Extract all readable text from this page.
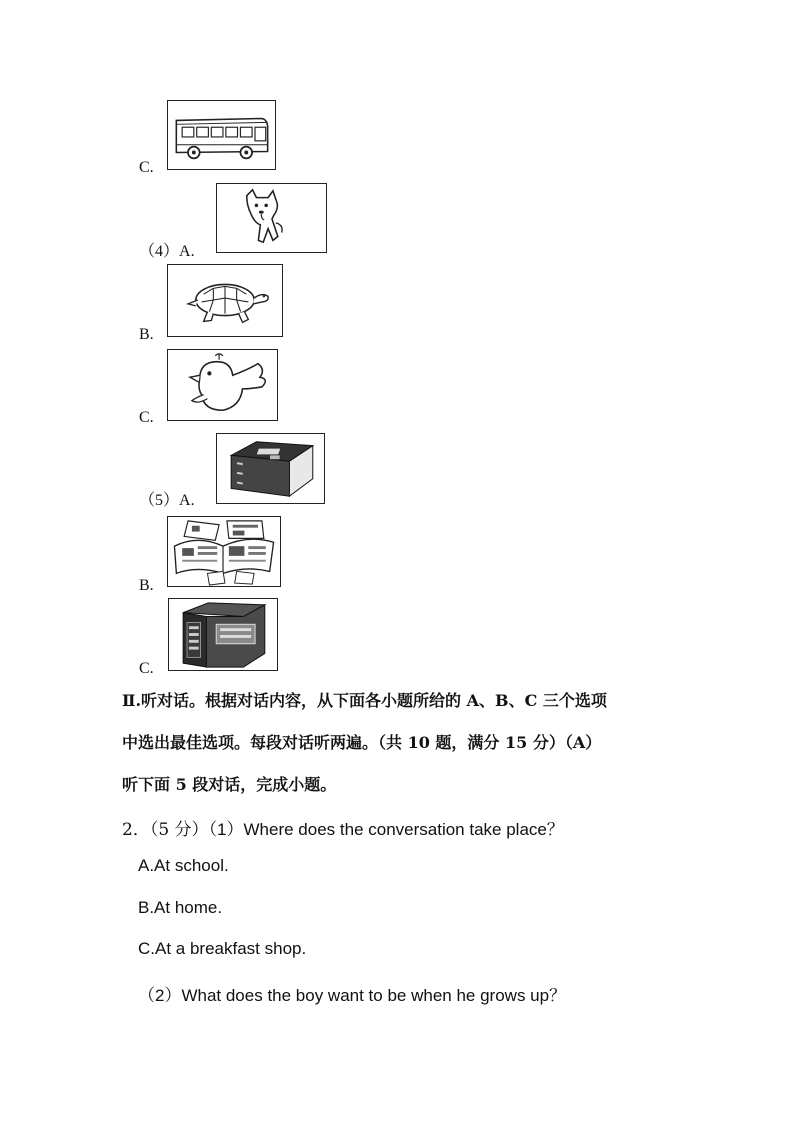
C.
（4）A.
B.
C.
（5）A.
B.
C.
Ⅱ.听对话。根据对话内容，从下面各小题所给的 A、B、C 三个选项
中选出最佳选项。每段对话听两遍。（共 10 题，满分 15 分）（A）
听下面 5 段对话，完成小题。
2．（5 分）（1）Where does the conversation take place？
A.At school.
B.At home.
C.At a breakfast shop.
（2）What does the boy want to be when he grows up？
